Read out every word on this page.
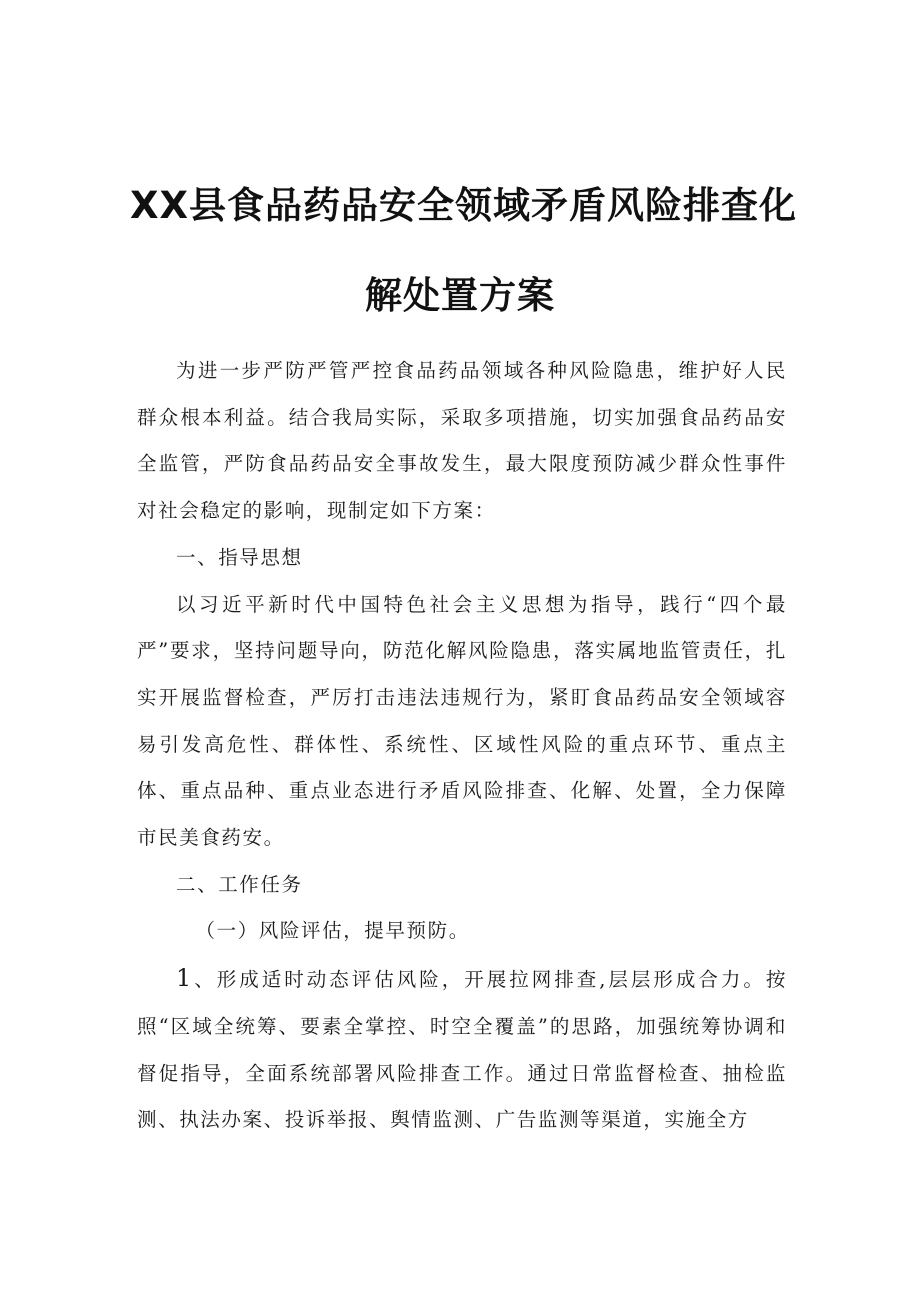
XX县食品药品安全领域矛盾风险排查化
解处置方案

为进一步严防严管严控食品药品领域各种风险隐患，维护好人民群众根本利益。结合我局实际，采取多项措施，切实加强食品药品安全监管，严防食品药品安全事故发生，最大限度预防减少群众性事件对社会稳定的影响，现制定如下方案：

一、指导思想

以习近平新时代中国特色社会主义思想为指导，践行“四个最严”要求，坚持问题导向，防范化解风险隐患，落实属地监管责任，扎实开展监督检查，严厉打击违法违规行为，紧盯食品药品安全领域容易引发高危性、群体性、系统性、区域性风险的重点环节、重点主体、重点品种、重点业态进行矛盾风险排查、化解、处置，全力保障市民美食药安。

二、工作任务

（一）风险评估，提早预防。

1、形成适时动态评估风险，开展拉网排查,层层形成合力。按照“区域全统筹、要素全掌控、时空全覆盖”的思路，加强统筹协调和督促指导，全面系统部署风险排查工作。通过日常监督检查、抽检监测、执法办案、投诉举报、舆情监测、广告监测等渠道，实施全方
